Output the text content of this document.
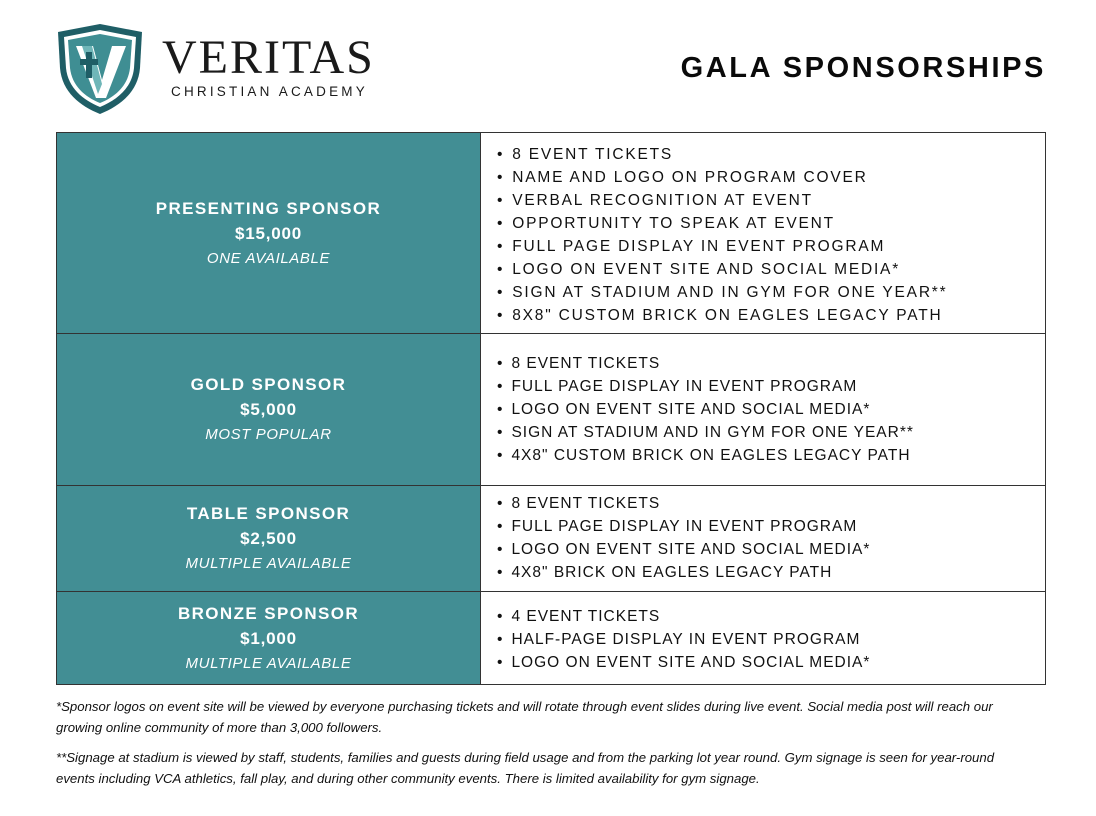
VERITAS
CHRISTIAN ACADEMY
GALA SPONSORSHIPS
PRESENTING SPONSOR
$15,000
ONE AVAILABLE
• 8 EVENT TICKETS
• NAME AND LOGO ON PROGRAM COVER
• VERBAL RECOGNITION AT EVENT
• OPPORTUNITY TO SPEAK AT EVENT
• FULL PAGE DISPLAY IN EVENT PROGRAM
• LOGO ON EVENT SITE AND SOCIAL MEDIA*
• SIGN AT STADIUM AND IN GYM FOR ONE YEAR**
• 8X8" CUSTOM BRICK ON EAGLES LEGACY PATH
GOLD SPONSOR
$5,000
MOST POPULAR
• 8 EVENT TICKETS
• FULL PAGE DISPLAY IN EVENT PROGRAM
• LOGO ON EVENT SITE AND SOCIAL MEDIA*
• SIGN AT STADIUM AND IN GYM FOR ONE YEAR**
• 4X8" CUSTOM BRICK ON EAGLES LEGACY PATH
TABLE SPONSOR
$2,500
MULTIPLE AVAILABLE
• 8 EVENT TICKETS
• FULL PAGE DISPLAY IN EVENT PROGRAM
• LOGO ON EVENT SITE AND SOCIAL MEDIA*
• 4X8" BRICK ON EAGLES LEGACY PATH
BRONZE SPONSOR
$1,000
MULTIPLE AVAILABLE
• 4 EVENT TICKETS
• HALF-PAGE DISPLAY IN EVENT PROGRAM
• LOGO ON EVENT SITE AND SOCIAL MEDIA*
*Sponsor logos on event site will be viewed by everyone purchasing tickets and will rotate through event slides during live event. Social media post will reach our growing online community of more than 3,000 followers.
**Signage at stadium is viewed by staff, students, families and guests during field usage and from the parking lot year round. Gym signage is seen for year-round events including VCA athletics, fall play, and during other community events. There is limited availability for gym signage.
